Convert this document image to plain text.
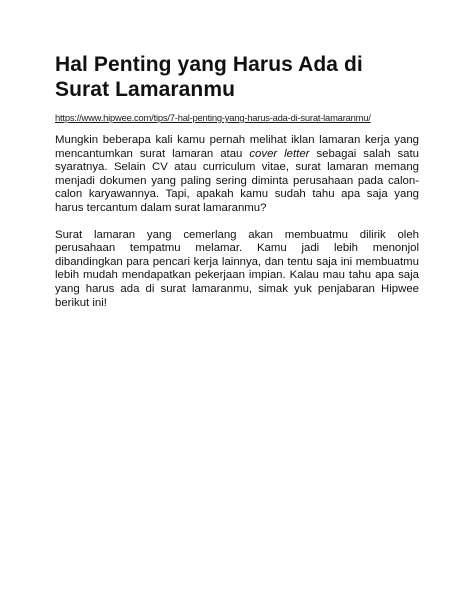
Hal Penting yang Harus Ada di Surat Lamaranmu
https://www.hipwee.com/tips/7-hal-penting-yang-harus-ada-di-surat-lamaranmu/

Mungkin beberapa kali kamu pernah melihat iklan lamaran kerja yang mencantumkan surat lamaran atau cover letter sebagai salah satu syaratnya. Selain CV atau curriculum vitae, surat lamaran memang menjadi dokumen yang paling sering diminta perusahaan pada calon-calon karyawannya. Tapi, apakah kamu sudah tahu apa saja yang harus tercantum dalam surat lamaranmu?

Surat lamaran yang cemerlang akan membuatmu dilirik oleh perusahaan tempatmu melamar. Kamu jadi lebih menonjol dibandingkan para pencari kerja lainnya, dan tentu saja ini membuatmu lebih mudah mendapatkan pekerjaan impian. Kalau mau tahu apa saja yang harus ada di surat lamaranmu, simak yuk penjabaran Hipwee berikut ini!
